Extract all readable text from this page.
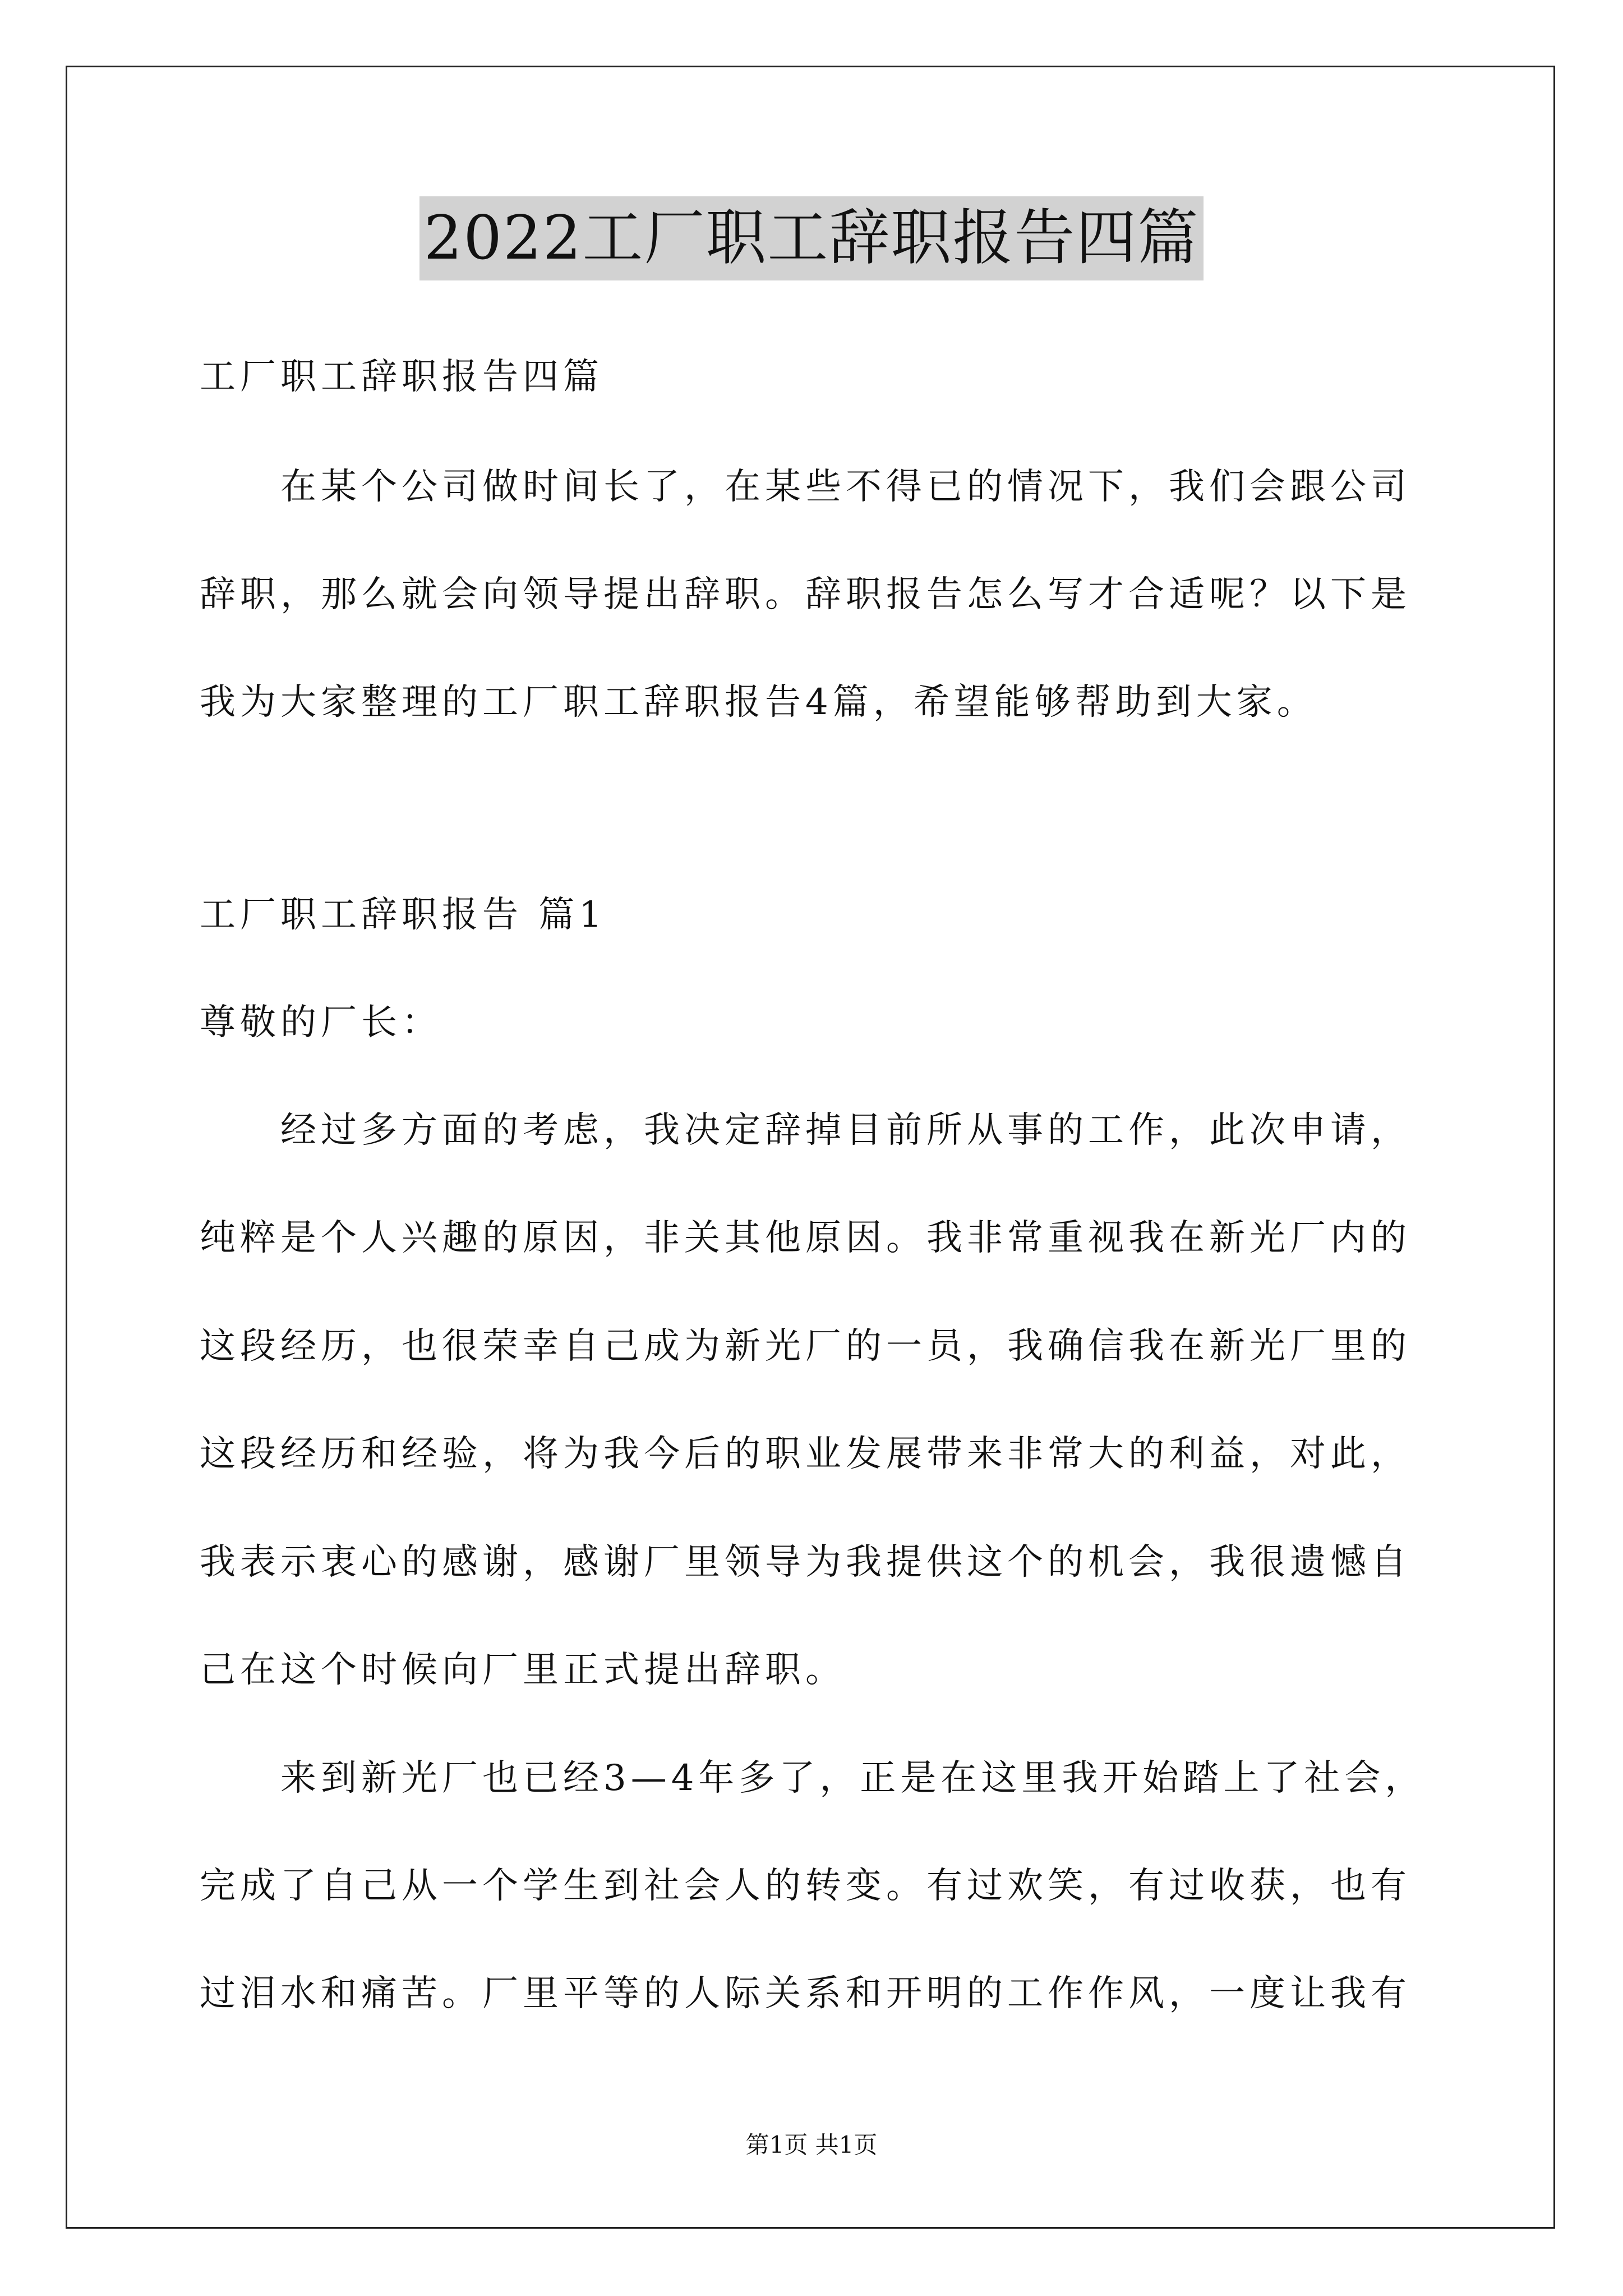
2022工厂职工辞职报告四篇
工厂职工辞职报告四篇
在某个公司做时间长了，在某些不得已的情况下，我们会跟公司
辞职，那么就会向领导提出辞职。辞职报告怎么写才合适呢？以下是
我为大家整理的工厂职工辞职报告4篇，希望能够帮助到大家。
工厂职工辞职报告 篇1
尊敬的厂长：
经过多方面的考虑，我决定辞掉目前所从事的工作，此次申请，
纯粹是个人兴趣的原因，非关其他原因。我非常重视我在新光厂内的
这段经历，也很荣幸自己成为新光厂的一员，我确信我在新光厂里的
这段经历和经验，将为我今后的职业发展带来非常大的利益，对此，
我表示衷心的感谢，感谢厂里领导为我提供这个的机会，我很遗憾自
己在这个时候向厂里正式提出辞职。
来到新光厂也已经3—4年多了，正是在这里我开始踏上了社会，
完成了自己从一个学生到社会人的转变。有过欢笑，有过收获，也有
过泪水和痛苦。厂里平等的人际关系和开明的工作作风，一度让我有
第1页 共1页
